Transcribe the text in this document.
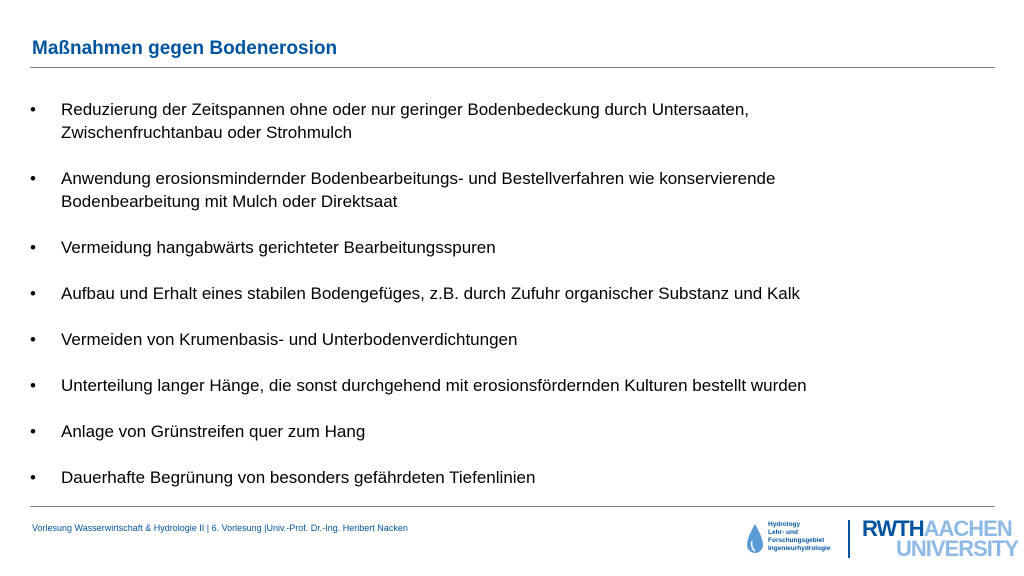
Maßnahmen gegen Bodenerosion
•	Reduzierung der Zeitspannen ohne oder nur geringer Bodenbedeckung durch Untersaaten,
Zwischenfruchtanbau oder Strohmulch
•	Anwendung erosionsmindernder Bodenbearbeitungs- und Bestellverfahren wie konservierende
Bodenbearbeitung mit Mulch oder Direktsaat
•	Vermeidung hangabwärts gerichteter Bearbeitungsspuren
•	Aufbau und Erhalt eines stabilen Bodengefüges, z.B. durch Zufuhr organischer Substanz und Kalk
•	Vermeiden von Krumenbasis- und Unterbodenverdichtungen
•	Unterteilung langer Hänge, die sonst durchgehend mit erosionsfördernden Kulturen bestellt wurden
•	Anlage von Grünstreifen quer zum Hang
•	Dauerhafte Begrünung von besonders gefährdeten Tiefenlinien
Vorlesung Wasserwirtschaft & Hydrologie II | 6. Vorlesung |Univ.-Prof. Dr.-Ing. Heribert Nacken	Hydrology
Lehr- und
Forschungsgebiet
Ingenieurhydrologie
RWTHAACHEN
UNIVERSITY
